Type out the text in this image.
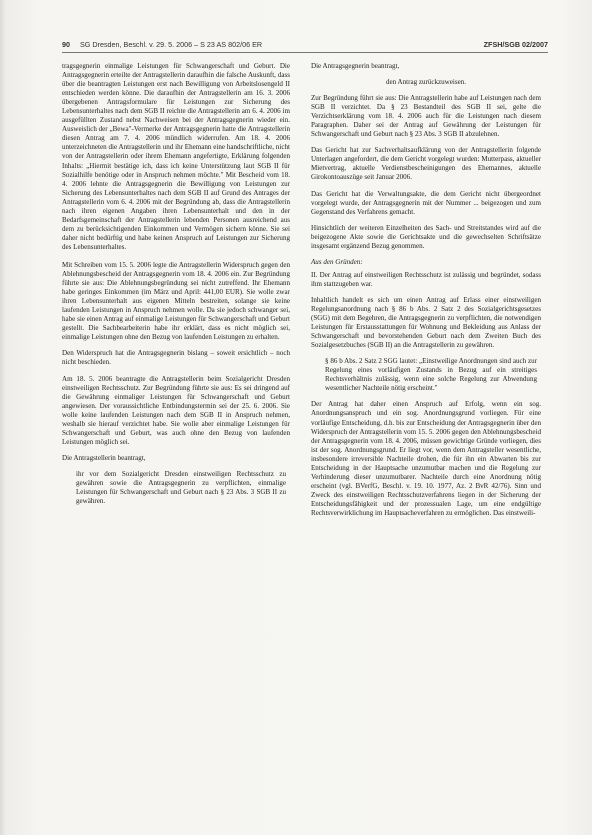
90 SG Dresden, Beschl. v. 29. 5. 2006 – S 23 AS 802/06 ER	ZFSH/SGB 02/2007

tragsgegnerin einmalige Leistungen für Schwangerschaft und Geburt. Die Antragsgegnerin erteilte der Antragstellerin daraufhin die falsche Auskunft, dass über die beantragten Leistungen erst nach Bewilligung von Arbeitslosengeld II entschieden werden könne. Die daraufhin der Antragstellerin am 16. 3. 2006 übergebenen Antragsformulare für Leistungen zur Sicherung des Lebensunterhaltes nach dem SGB II reichte die Antragstellerin am 6. 4. 2006 im ausgefüllten Zustand nebst Nachweisen bei der Antragsgegnerin wieder ein. Ausweislich der „Bewa"-Vermerke der Antragsgegnerin hatte die Antragstellerin diesen Antrag am 7. 4. 2006 mündlich widerrufen. Am 18. 4. 2006 unterzeichneten die Antragstellerin und ihr Ehemann eine handschriftliche, nicht von der Antragstellerin oder ihrem Ehemann angefertigte, Erklärung folgenden Inhalts: „Hiermit bestätige ich, dass ich keine Unterstützung laut SGB II für Sozialhilfe benötige oder in Anspruch nehmen möchte." Mit Bescheid vom 18. 4. 2006 lehnte die Antragsgegnerin die Bewilligung von Leistungen zur Sicherung des Lebensunterhaltes nach dem SGB II auf Grund des Antrages der Antragstellerin vom 6. 4. 2006 mit der Begründung ab, dass die Antragstellerin nach ihren eigenen Angaben ihren Lebensunterhalt und den in der Bedarfsgemeinschaft der Antragstellerin lebenden Personen ausreichend aus dem zu berücksichtigenden Einkommen und Vermögen sichern könne. Sie sei daher nicht bedürftig und habe keinen Anspruch auf Leistungen zur Sicherung des Lebensunterhaltes.

Mit Schreiben vom 15. 5. 2006 legte die Antragstellerin Widerspruch gegen den Ablehnungsbescheid der Antragsgegnerin vom 18. 4. 2006 ein. Zur Begründung führte sie aus: Die Ablehnungsbegründung sei nicht zutreffend. Ihr Ehemann habe geringes Einkommen (im März und April: 441,00 EUR). Sie wolle zwar ihren Lebensunterhalt aus eigenen Mitteln bestreiten, solange sie keine laufenden Leistungen in Anspruch nehmen wolle. Da sie jedoch schwanger sei, habe sie einen Antrag auf einmalige Leistungen für Schwangerschaft und Geburt gestellt. Die Sachbearbeiterin habe ihr erklärt, dass es nicht möglich sei, einmalige Leistungen ohne den Bezug von laufenden Leistungen zu erhalten.

Den Widerspruch hat die Antragsgegnerin bislang – soweit ersichtlich – noch nicht beschieden.

Am 18. 5. 2006 beantragte die Antragstellerin beim Sozialgericht Dresden einstweiligen Rechtsschutz. Zur Begründung führte sie aus: Es sei dringend auf die Gewährung einmaliger Leistungen für Schwangerschaft und Geburt angewiesen. Der voraussichtliche Entbindungstermin sei der 25. 6. 2006. Sie wolle keine laufenden Leistungen nach dem SGB II in Anspruch nehmen, weshalb sie hierauf verzichtet habe. Sie wolle aber einmalige Leistungen für Schwangerschaft und Geburt, was auch ohne den Bezug von laufenden Leistungen möglich sei.

Die Antragstellerin beantragt,

ihr vor dem Sozialgericht Dresden einstweiligen Rechtsschutz zu gewähren sowie die Antragsgegnerin zu verpflichten, einmalige Leistungen für Schwangerschaft und Geburt nach § 23 Abs. 3 SGB II zu gewähren.

Die Antragsgegnerin beantragt,

den Antrag zurückzuweisen.

Zur Begründung führt sie aus: Die Antragstellerin habe auf Leistungen nach dem SGB II verzichtet. Da § 23 Bestandteil des SGB II sei, gelte die Verzichtserklärung vom 18. 4. 2006 auch für die Leistungen nach diesem Paragraphen. Daher sei der Antrag auf Gewährung der Leistungen für Schwangerschaft und Geburt nach § 23 Abs. 3 SGB II abzulehnen.

Das Gericht hat zur Sachverhaltsaufklärung von der Antragstellerin folgende Unterlagen angefordert, die dem Gericht vorgelegt wurden: Mutterpass, aktueller Mietvertrag, aktuelle Verdienstbescheinigungen des Ehemannes, aktuelle Girokontoauszüge seit Januar 2006.

Das Gericht hat die Verwaltungsakte, die dem Gericht nicht übergeordnet vorgelegt wurde, der Antragsgegnerin mit der Nummer ... beigezogen und zum Gegenstand des Verfahrens gemacht.

Hinsichtlich der weiteren Einzelheiten des Sach- und Streitstandes wird auf die beigezogene Akte sowie die Gerichtsakte und die gewechselten Schriftsätze insgesamt ergänzend Bezug genommen.

Aus den Gründen:

II. Der Antrag auf einstweiligen Rechtsschutz ist zulässig und begründet, sodass ihm stattzugeben war.

Inhaltlich handelt es sich um einen Antrag auf Erlass einer einstweiligen Regelungsanordnung nach § 86 b Abs. 2 Satz 2 des Sozialgerichtsgesetzes (SGG) mit dem Begehren, die Antragsgegnerin zu verpflichten, die notwendigen Leistungen für Erstausstattungen für Wohnung und Bekleidung aus Anlass der Schwangerschaft und bevorstehenden Geburt nach dem Zweiten Buch des Sozialgesetzbuches (SGB II) an die Antragstellerin zu gewähren.

§ 86 b Abs. 2 Satz 2 SGG lautet: „Einstweilige Anordnungen sind auch zur Regelung eines vorläufigen Zustands in Bezug auf ein streitiges Rechtsverhältnis zulässig, wenn eine solche Regelung zur Abwendung wesentlicher Nachteile nötig erscheint."

Der Antrag hat daher einen Anspruch auf Erfolg, wenn ein sog. Anordnungsanspruch und ein sog. Anordnungsgrund vorliegen. Für eine vorläufige Entscheidung, d.h. bis zur Entscheidung der Antragsgegnerin über den Widerspruch der Antragstellerin vom 15. 5. 2006 gegen den Ablehnungsbescheid der Antragsgegnerin vom 18. 4. 2006, müssen gewichtige Gründe vorliegen, dies ist der sog. Anordnungsgrund. Er liegt vor, wenn dem Antragsteller wesentliche, insbesondere irreversible Nachteile drohen, die für ihn ein Abwarten bis zur Entscheidung in der Hauptsache unzumutbar machen und die Regelung zur Verhinderung dieser unzumutbarer. Nachteile durch eine Anordnung nötig erscheint (vgl. BVerfG, Beschl. v. 19. 10. 1977, Az. 2 BvR 42/76). Sinn und Zweck des einstweiligen Rechtsschutzverfahrens liegen in der Sicherung der Entscheidungsfähigkeit und der prozessualen Lage, um eine endgültige Rechtsverwirklichung im Hauptsacheverfahren zu ermöglichen. Das einstweili-
